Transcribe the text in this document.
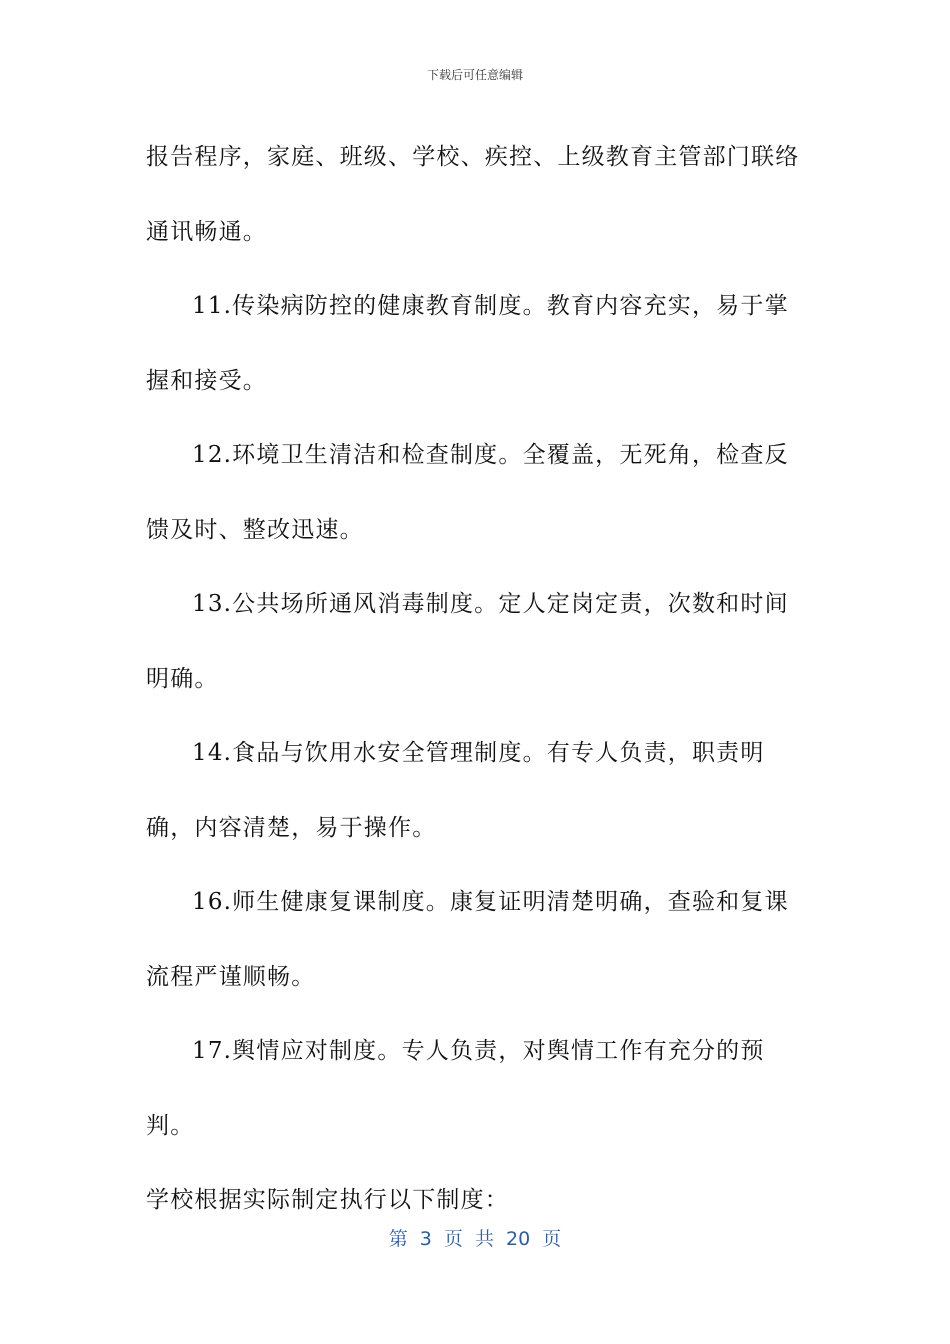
下载后可任意编辑

报告程序，家庭、班级、学校、疾控、上级教育主管部门联络通讯畅通。

11.传染病防控的健康教育制度。教育内容充实，易于掌握和接受。

12.环境卫生清洁和检查制度。全覆盖，无死角，检查反馈及时、整改迅速。

13.公共场所通风消毒制度。定人定岗定责，次数和时间明确。

14.食品与饮用水安全管理制度。有专人负责，职责明确，内容清楚，易于操作。

16.师生健康复课制度。康复证明清楚明确，查验和复课流程严谨顺畅。

17.舆情应对制度。专人负责，对舆情工作有充分的预判。

学校根据实际制定执行以下制度：

第 3 页 共 20 页
